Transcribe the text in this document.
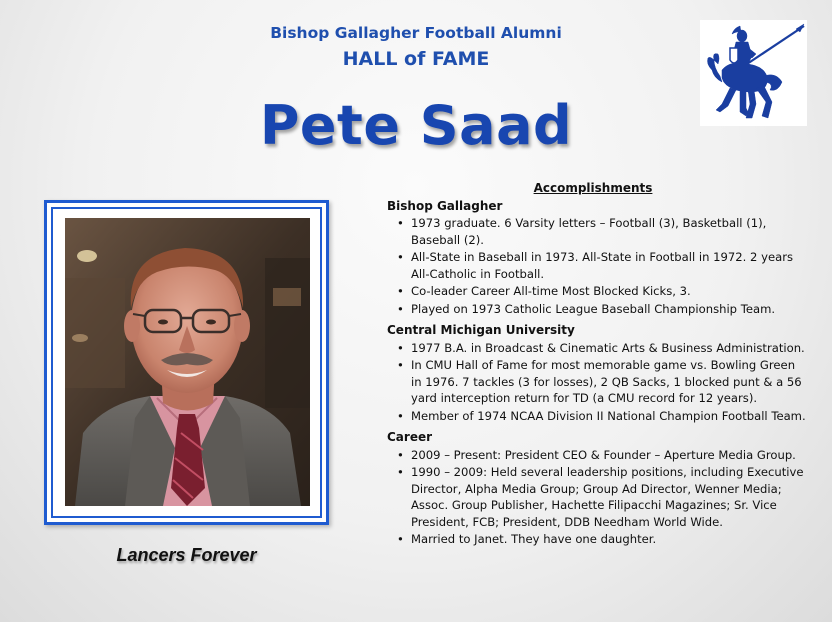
Bishop Gallagher Football Alumni
HALL of FAME
Pete Saad
Lancers Forever
Accomplishments
Bishop Gallagher
• 1973 graduate. 6 Varsity letters – Football (3), Basketball (1), Baseball (2).
• All-State in Baseball in 1973. All-State in Football in 1972. 2 years All-Catholic in Football.
• Co-leader Career All-time Most Blocked Kicks, 3.
• Played on 1973 Catholic League Baseball Championship Team.
Central Michigan University
• 1977 B.A. in Broadcast & Cinematic Arts & Business Administration.
• In CMU Hall of Fame for most memorable game vs. Bowling Green in 1976. 7 tackles (3 for losses), 2 QB Sacks, 1 blocked punt & a 56 yard interception return for TD (a CMU record for 12 years).
• Member of 1974 NCAA Division II National Champion Football Team.
Career
• 2009 – Present: President CEO & Founder – Aperture Media Group.
• 1990 – 2009: Held several leadership positions, including Executive Director, Alpha Media Group; Group Ad Director, Wenner Media; Assoc. Group Publisher, Hachette Filipacchi Magazines; Sr. Vice President, FCB; President, DDB Needham World Wide.
• Married to Janet. They have one daughter.
